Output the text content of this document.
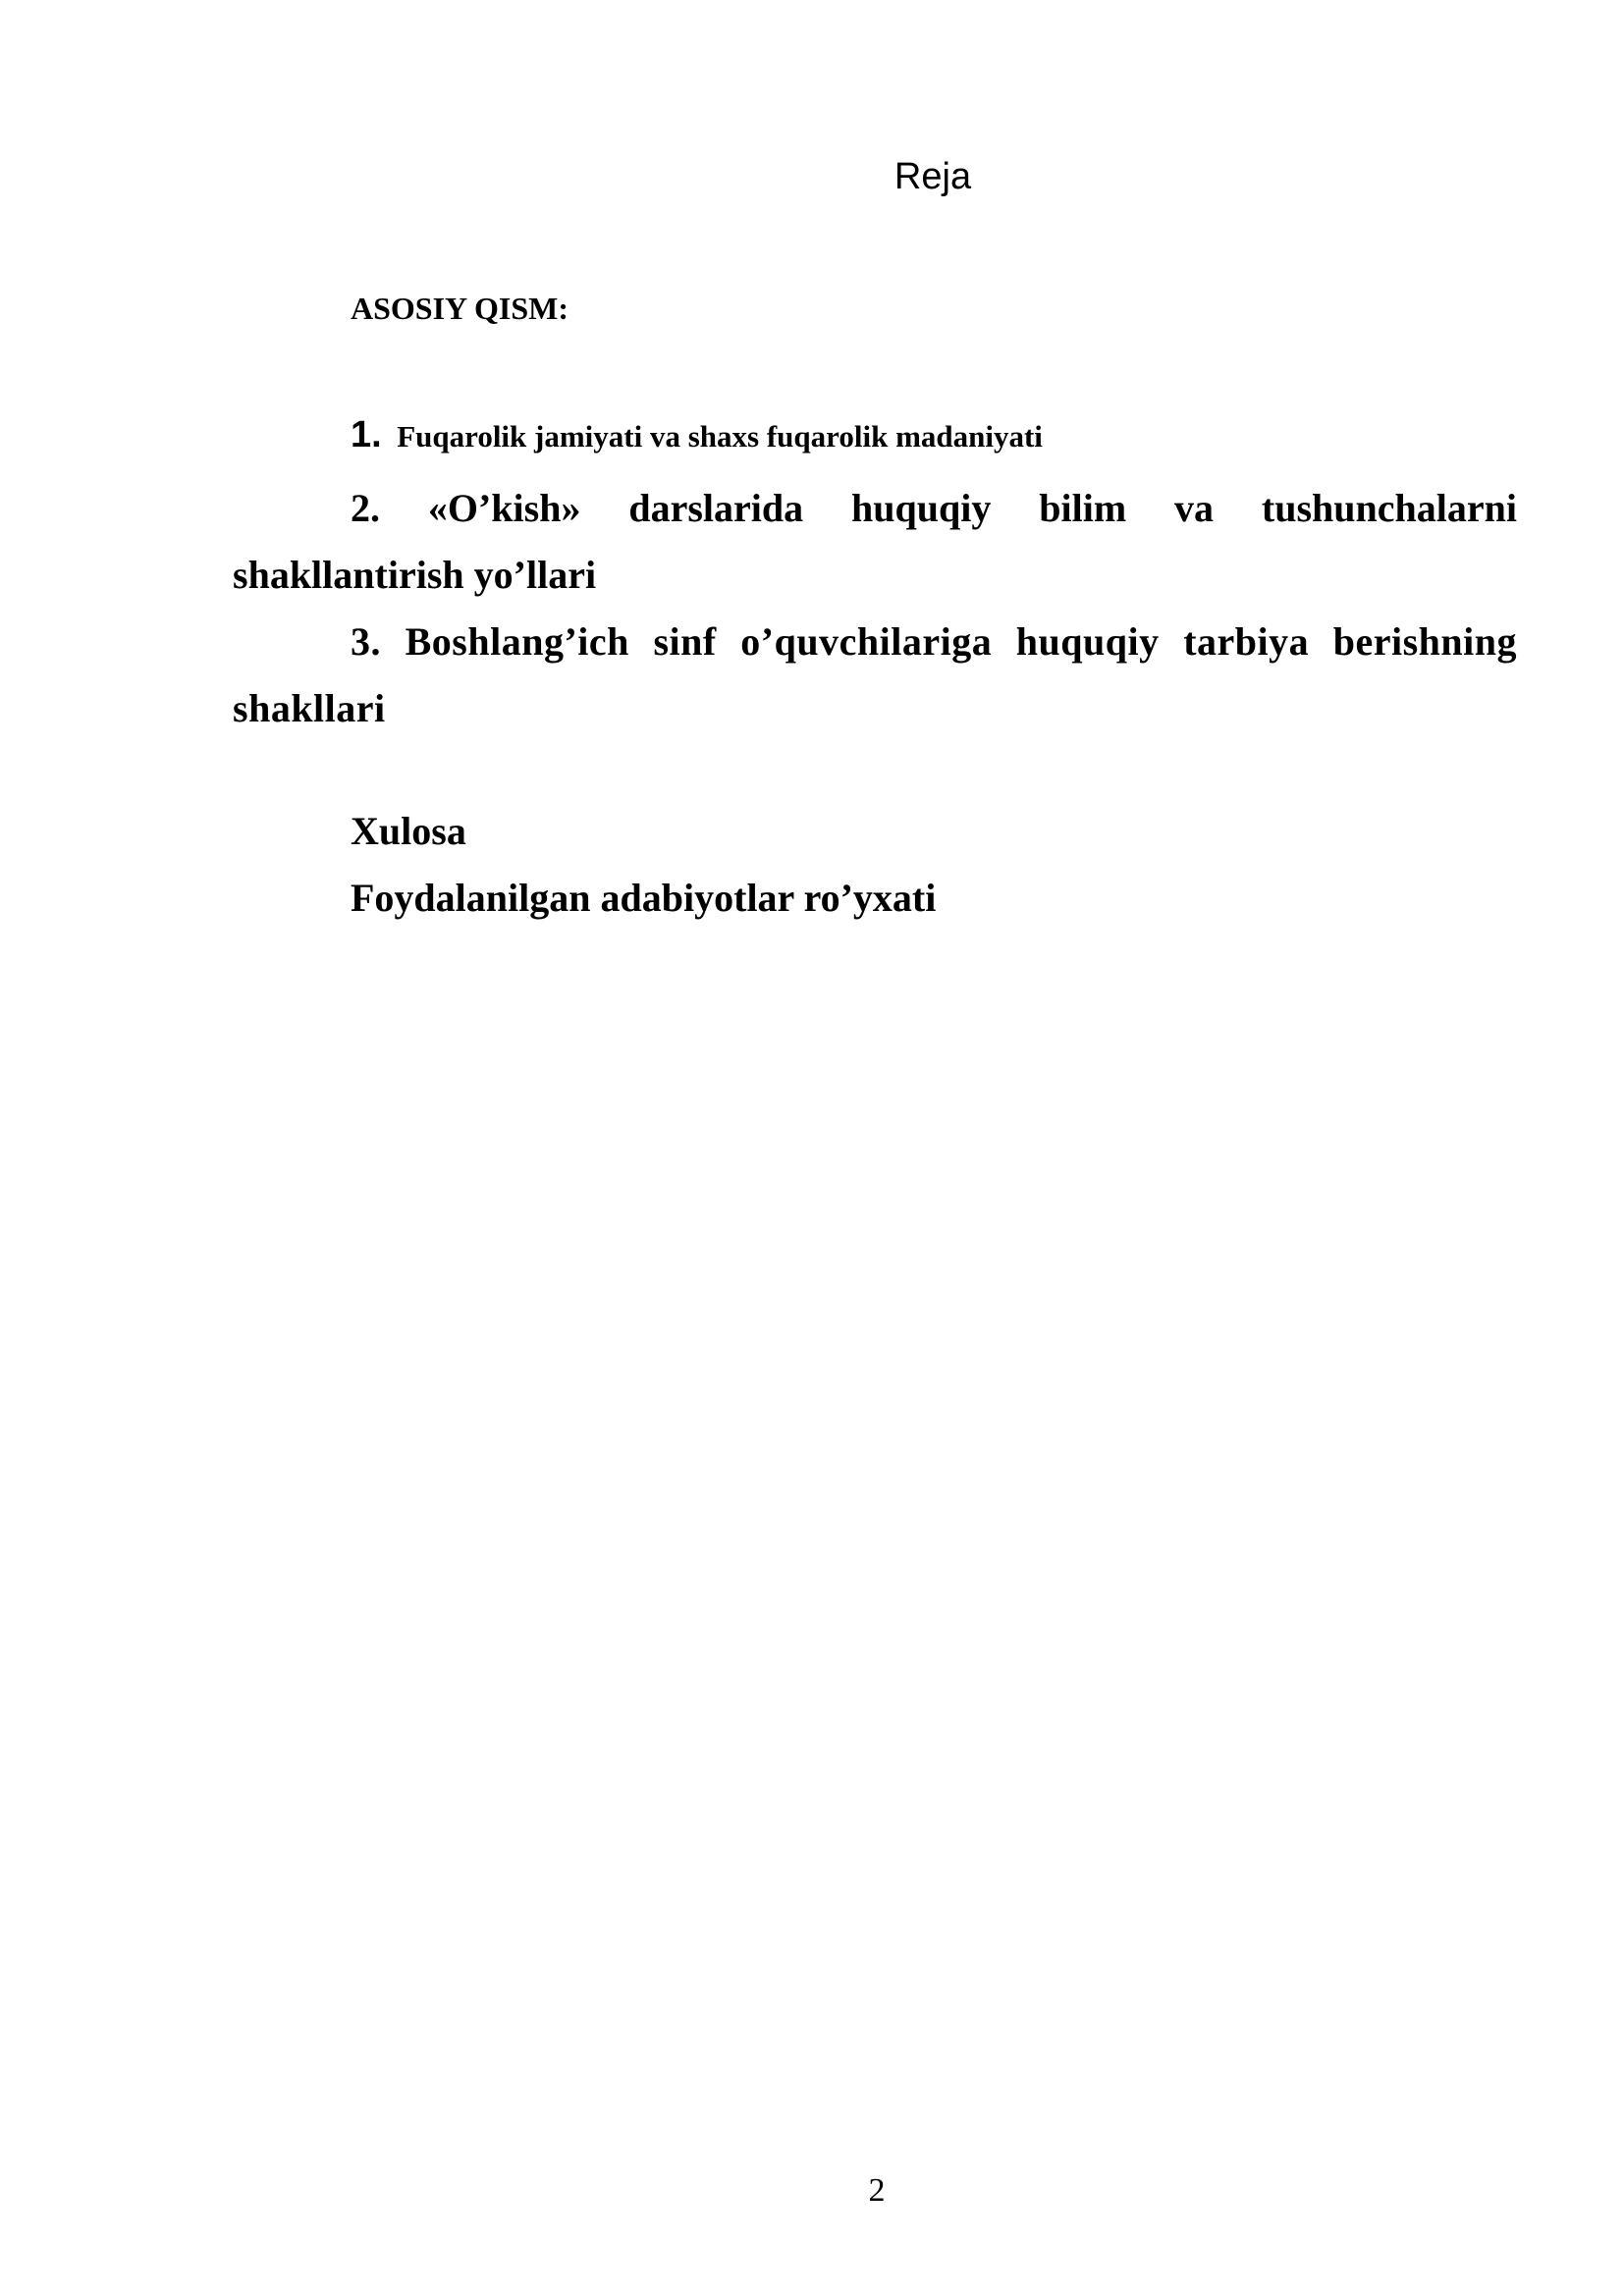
Reja
ASOSIY QISM:
1. Fuqarolik jamiyati va shaxs fuqarolik madaniyati
2. «O’kish» darslarida huquqiy bilim va tushunchalarni shakllantirish yo’llari
3. Boshlang’ich sinf o’quvchilariga huquqiy tarbiya berishning shakllari
Xulosa
Foydalanilgan adabiyotlar ro’yxati
2
